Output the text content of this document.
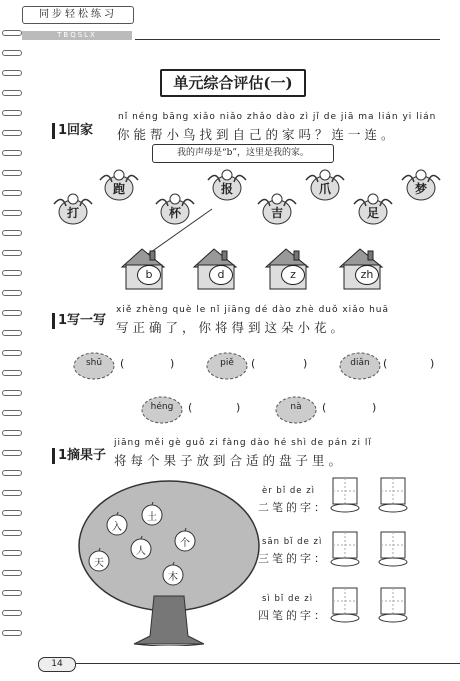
同步轻松练习
TBQSLX
单元综合评估(一)
1回家
nǐ néng bāng xiǎo niǎo zhǎo dào zì jǐ de jiā ma lián yi lián
你能帮小鸟找到自己的家吗？连一连。
我的声母是“b”，这里是我的家。
跑
打	杯
报
吉
爪
足
梦
b	d	z	zh
1写一写
xiě zhèng què le nǐ jiāng dé dào zhè duǒ xiǎo huā
写正确了，你将得到这朵小花。
shū	(	)	piě	(	)	diǎn	(	)
héng	(	)	nà	(	)
1摘果子
jiāng měi gè guǒ zi fàng dào hé shì de pán zi lǐ
将每个果子放到合适的盘子里。
土
入
人
个
天
木
èr bǐ de zì
二笔的字：
sān bǐ de zì
三笔的字：
sì bǐ de zì
四笔的字：
14
